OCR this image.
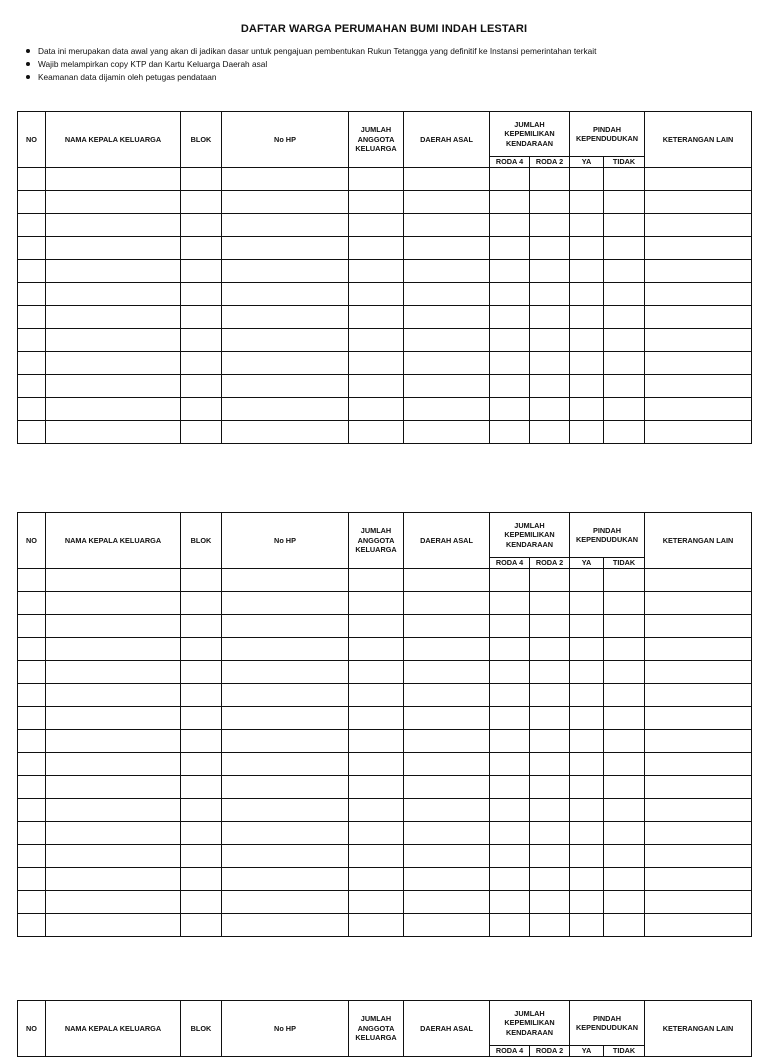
DAFTAR WARGA PERUMAHAN BUMI INDAH LESTARI
Data ini merupakan data awal yang akan di jadikan dasar untuk pengajuan pembentukan Rukun Tetangga yang definitif ke Instansi pemerintahan terkait
Wajib melampirkan copy KTP dan Kartu Keluarga Daerah asal
Keamanan data dijamin oleh petugas pendataan
NO	NAMA KEPALA KELUARGA	BLOK	No HP	JUMLAH ANGGOTA KELUARGA	DAERAH ASAL	JUMLAH KEPEMILIKAN KENDARAAN		PINDAH KEPENDUDUKAN		KETERANGAN LAIN
						RODA 4	RODA 2	YA	TIDAK	

NO	NAMA KEPALA KELUARGA	BLOK	No HP	JUMLAH ANGGOTA KELUARGA	DAERAH ASAL	JUMLAH KEPEMILIKAN KENDARAAN		PINDAH KEPENDUDUKAN		KETERANGAN LAIN
						RODA 4	RODA 2	YA	TIDAK	

NO	NAMA KEPALA KELUARGA	BLOK	No HP	JUMLAH ANGGOTA KELUARGA	DAERAH ASAL	JUMLAH KEPEMILIKAN KENDARAAN		PINDAH KEPENDUDUKAN		KETERANGAN LAIN
						RODA 4	RODA 2	YA	TIDAK	
